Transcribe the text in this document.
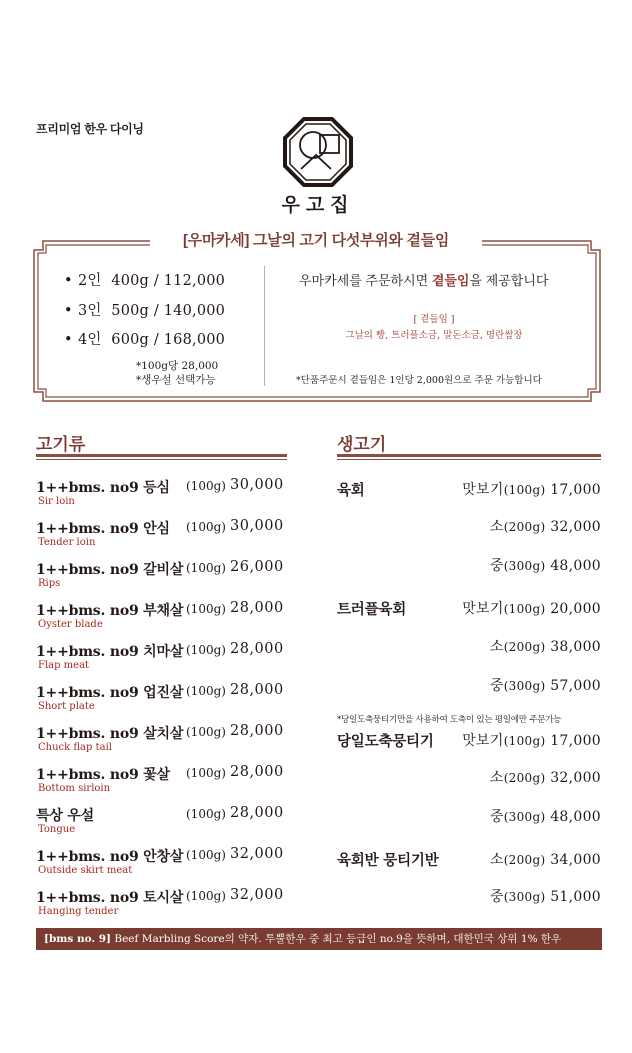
프리미엄 한우 다이닝
우고집
[우마카세] 그날의 고기 다섯부위와 곁들임
• 2인 400g / 112,000
• 3인 500g / 140,000
• 4인 600g / 168,000
*100g당 28,000
*생우설 선택가능
우마카세를 주문하시면 곁들임을 제공합니다
[ 곁들임 ]
그날의 빵, 트러플소금, 말돈소금, 명란쌈장
*단품주문시 곁들임은 1인당 2,000원으로 주문 가능합니다
고기류
1++bms. no9 등심
Sir loin
(100g) 30,000
1++bms. no9 안심
Tender loin
(100g) 30,000
1++bms. no9 갈비살
Rips
(100g) 26,000
1++bms. no9 부채살
Oyster blade
(100g) 28,000
1++bms. no9 치마살
Flap meat
(100g) 28,000
1++bms. no9 업진살
Short plate
(100g) 28,000
1++bms. no9 살치살
Chuck flap tail
(100g) 28,000
1++bms. no9 꽃살
Bottom sirloin
(100g) 28,000
특상 우설
Tongue
(100g) 28,000
1++bms. no9 안창살
Outside skirt meat
(100g) 32,000
1++bms. no9 토시살
Hanging tender
(100g) 32,000
생고기
육회	맛보기(100g) 17,000
소(200g) 32,000
중(300g) 48,000
트러플육회	맛보기(100g) 20,000
소(200g) 38,000
중(300g) 57,000
*당일도축뭉티기만을 사용하여 도축이 있는 평일에만 주문가능
당일도축뭉티기 맛보기(100g) 17,000
소(200g) 32,000
중(300g) 48,000
육회반 뭉티기반	소(200g) 34,000
중(300g) 51,000
[bms no. 9] Beef Marbling Score의 약자. 투뿔한우 중 최고 등급인 no.9을 뜻하며, 대한민국 상위 1% 한우
